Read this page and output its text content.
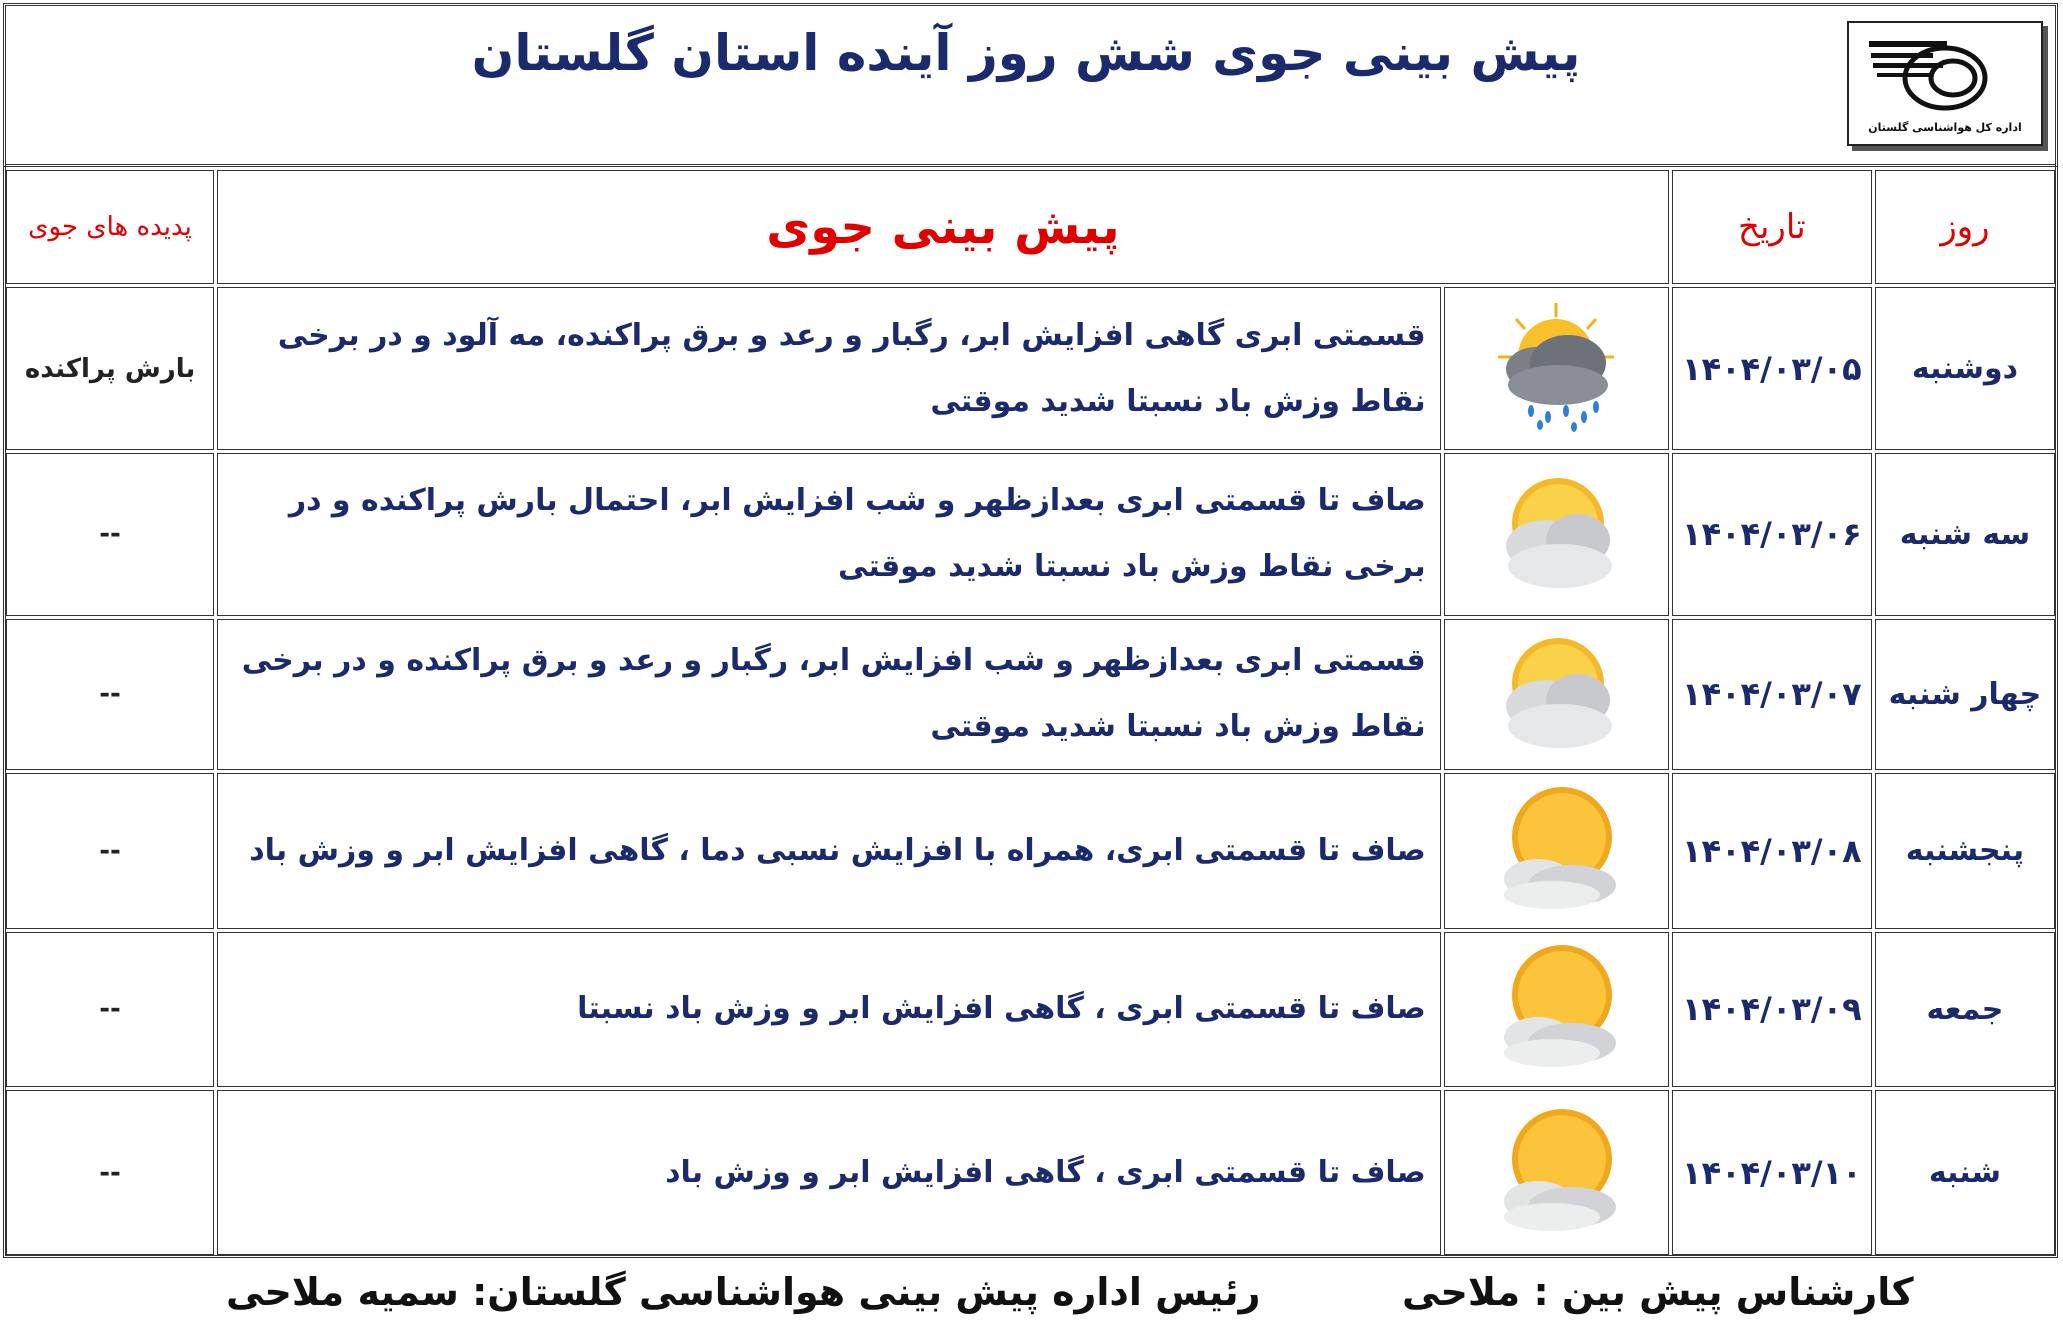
پیش بینی جوی شش روز آینده استان گلستان
اداره کل هواشناسی گلستان
پدیده های جوی	پیش بینی جوی		تاریخ	روز
بارش پراکنده	قسمتی ابری گاهی افزایش ابر، رگبار و رعد و برق پراکنده، مه آلود و در برخی نقاط وزش باد نسبتا شدید موقتی		۱۴۰۴/۰۳/۰۵	دوشنبه
--	صاف تا قسمتی ابری بعدازظهر و شب افزایش ابر، احتمال بارش پراکنده و در برخی نقاط وزش باد نسبتا شدید موقتی		۱۴۰۴/۰۳/۰۶	سه شنبه
--	قسمتی ابری بعدازظهر و شب افزایش ابر، رگبار و رعد و برق پراکنده و در برخی نقاط وزش باد نسبتا شدید موقتی		۱۴۰۴/۰۳/۰۷	چهار شنبه
--	صاف تا قسمتی ابری، همراه با افزایش نسبی دما ، گاهی افزایش ابر و وزش باد		۱۴۰۴/۰۳/۰۸	پنجشنبه
--	صاف تا قسمتی ابری ، گاهی افزایش ابر و وزش باد نسبتا		۱۴۰۴/۰۳/۰۹	جمعه
--	صاف تا قسمتی ابری ، گاهی افزایش ابر و وزش باد		۱۴۰۴/۰۳/۱۰	شنبه
رئیس اداره پیش بینی هواشناسی گلستان: سمیه ملاحی	کارشناس پیش بین : ملاحی
